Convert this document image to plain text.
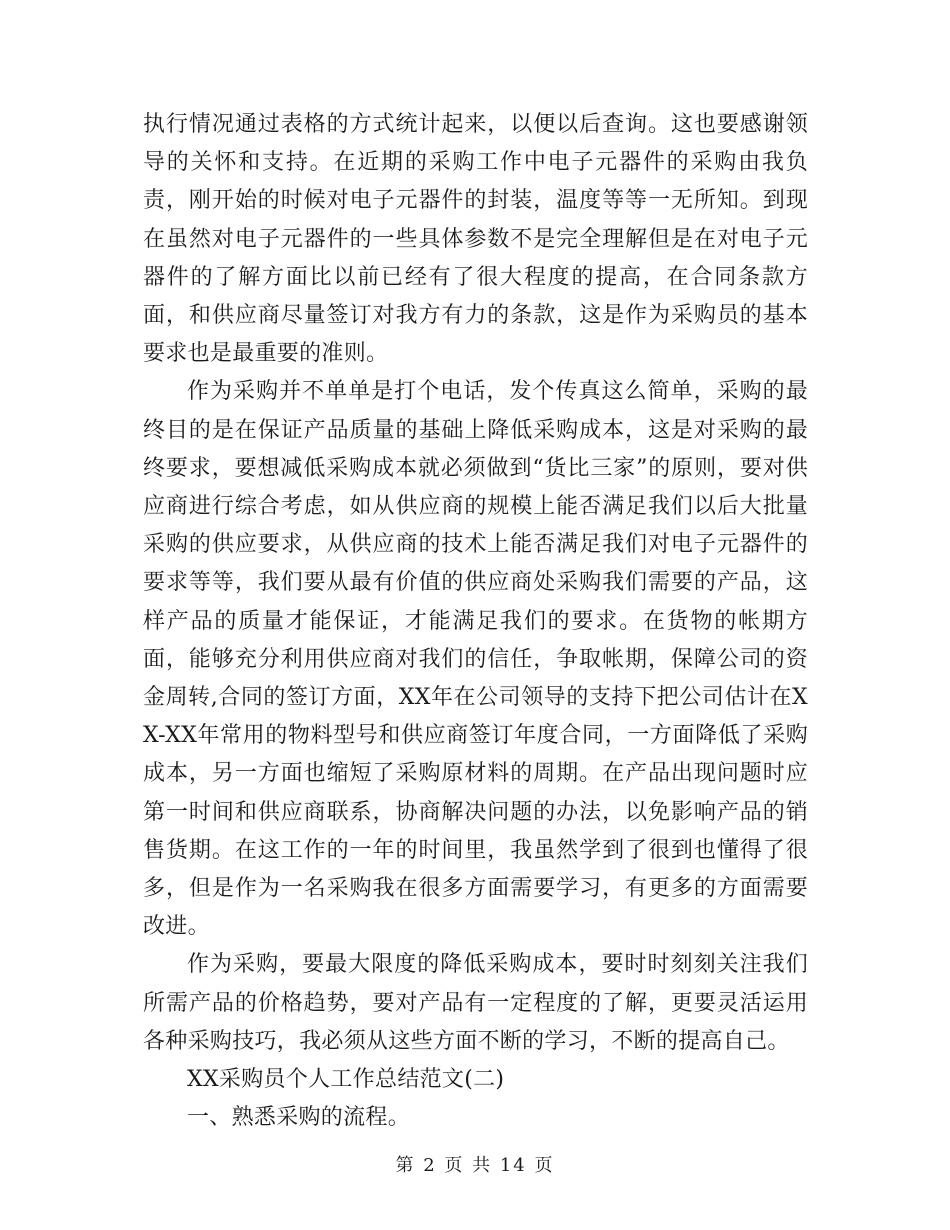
执行情况通过表格的方式统计起来，以便以后查询。这也要感谢领导的关怀和支持。在近期的采购工作中电子元器件的采购由我负责，刚开始的时候对电子元器件的封装，温度等等一无所知。到现在虽然对电子元器件的一些具体参数不是完全理解但是在对电子元器件的了解方面比以前已经有了很大程度的提高，在合同条款方面，和供应商尽量签订对我方有力的条款，这是作为采购员的基本要求也是最重要的准则。

作为采购并不单单是打个电话，发个传真这么简单，采购的最终目的是在保证产品质量的基础上降低采购成本，这是对采购的最终要求，要想减低采购成本就必须做到“货比三家”的原则，要对供应商进行综合考虑，如从供应商的规模上能否满足我们以后大批量采购的供应要求，从供应商的技术上能否满足我们对电子元器件的要求等等，我们要从最有价值的供应商处采购我们需要的产品，这样产品的质量才能保证，才能满足我们的要求。在货物的帐期方面，能够充分利用供应商对我们的信任，争取帐期，保障公司的资金周转,合同的签订方面，XX年在公司领导的支持下把公司估计在XX-XX年常用的物料型号和供应商签订年度合同，一方面降低了采购成本，另一方面也缩短了采购原材料的周期。在产品出现问题时应第一时间和供应商联系，协商解决问题的办法，以免影响产品的销售货期。在这工作的一年的时间里，我虽然学到了很到也懂得了很多，但是作为一名采购我在很多方面需要学习，有更多的方面需要改进。

作为采购，要最大限度的降低采购成本，要时时刻刻关注我们所需产品的价格趋势，要对产品有一定程度的了解，更要灵活运用各种采购技巧，我必须从这些方面不断的学习，不断的提高自己。

XX采购员个人工作总结范文(二)

一、熟悉采购的流程。

第 2 页 共 14 页
